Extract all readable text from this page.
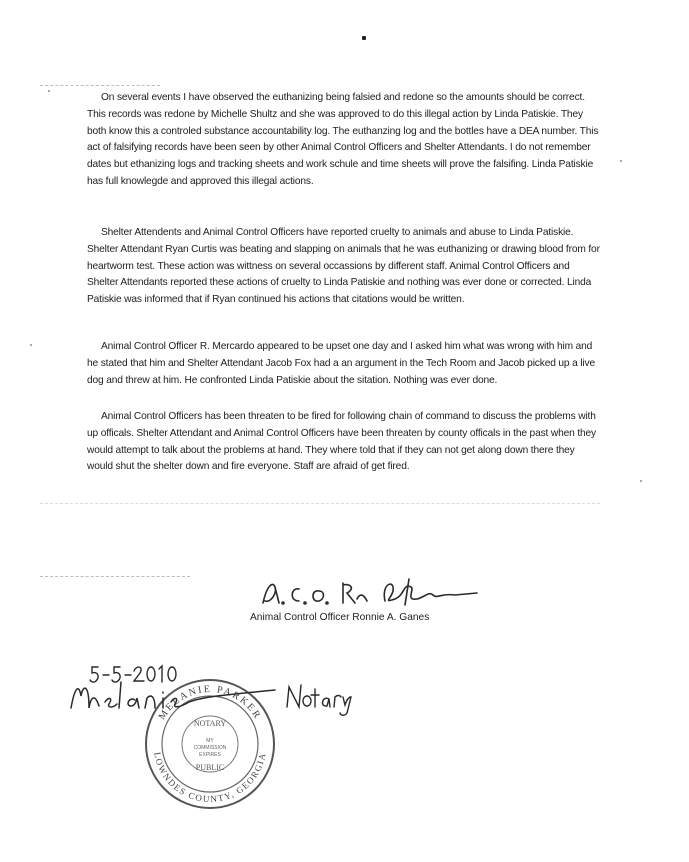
On several events I have observed the euthanizing being falsied and redone so the amounts should be correct. This records was redone by Michelle Shultz and she was approved to do this illegal action by Linda Patiskie. They both know this a controled substance accountability log. The euthanzing log and the bottles have a DEA number. This act of falsifying records have been seen by other Animal Control Officers and Shelter Attendants. I do not remember dates but ethanizing logs and tracking sheets and work schule and time sheets will prove the falsifing. Linda Patiskie has full knowlegde and approved this illegal actions.

Shelter Attendents and Animal Control Officers have reported cruelty to animals and abuse to Linda Patiskie. Shelter Attendant Ryan Curtis was beating and slapping on animals that he was euthanizing or drawing blood from for heartworm test. These action was wittness on several occassions by different staff. Animal Control Officers and Shelter Attendants reported these actions of cruelty to Linda Patiskie and nothing was ever done or corrected. Linda Patiskie was informed that if Ryan continued his actions that citations would be written.

Animal Control Officer R. Mercardo appeared to be upset one day and I asked him what was wrong with him and he stated that him and Shelter Attendant Jacob Fox had a an argument in the Tech Room and Jacob picked up a live dog and threw at him. He confronted Linda Patiskie about the sitation. Nothing was ever done.

Animal Control Officers has been threaten to be fired for following chain of command to discuss the problems with up officals. Shelter Attendant and Animal Control Officers have been threaten by county officals in the past when they would attempt to talk about the problems at hand. They where told that if they can not get along down there they would shut the shelter down and fire everyone. Staff are afraid of get fired.

Animal Control Officer Ronnie A. Ganes
MELANIE PARKER
LOWNDES COUNTY, GEORGIA
NOTARY
PUBLIC
MY
COMMISSION
EXPIRES
